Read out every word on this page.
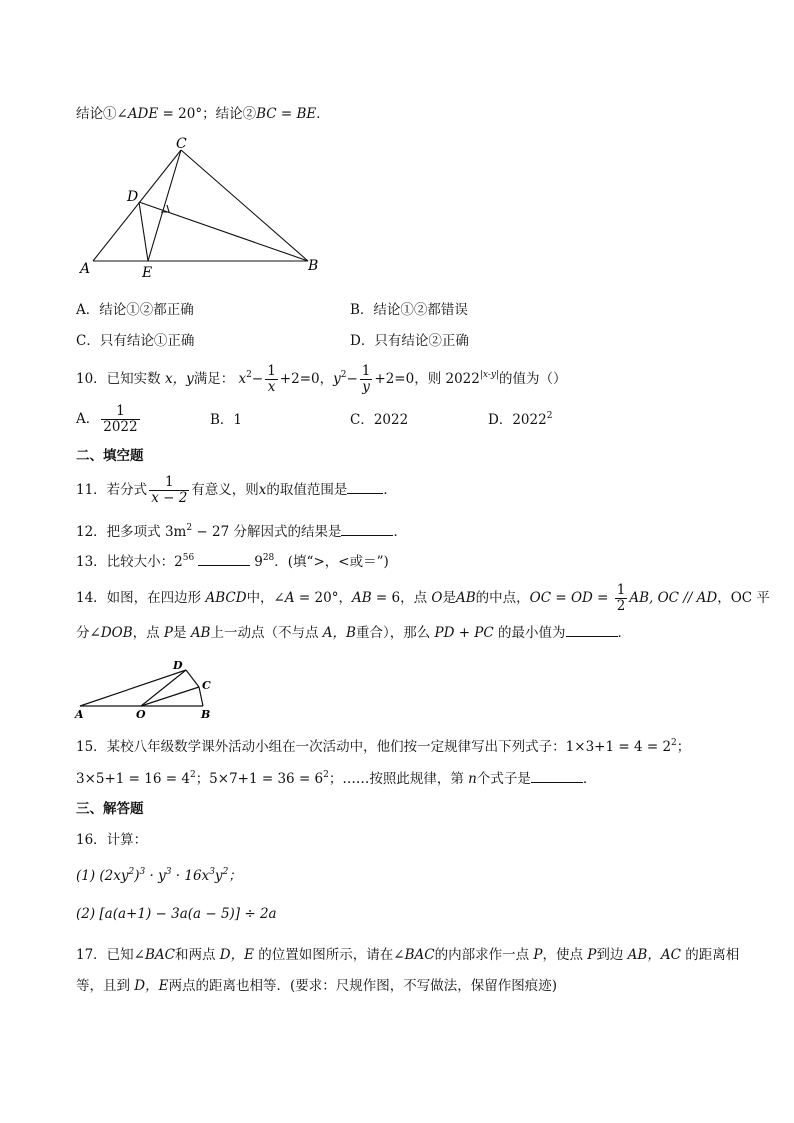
结论①∠ADE = 20°；结论②BC = BE．
A	B
C
D
E
A．结论①②都正确	B．结论①②都错误
C．只有结论①正确	D．只有结论②正确
10．已知实数 x，y满足： $x^2- \frac{1}{x} +2=0$，$y^2- \frac{1}{y} +2=0$，则 $2022^{|x-y|}$的值为（）
A． $\frac{1}{2022}$	B．1	C．2022	D．2022$^2$
二、填空题
11．若分式 $\frac{1}{x - 2}$ 有意义，则x的取值范围是	．
12．把多项式 $3m^2 - 27$ 分解因式的结果是	．
13．比较大小：$2^{56}$	$9^{28}$．(填“>，<或＝”)
14．如图，在四边形 ABCD中，∠A = 20°，AB = 6，点 O是AB的中点，OC = OD = $\frac{1}{2}$ AB, OC // AD，OC 平
分∠DOB，点 P是 AB上一动点（不与点 A，B重合），那么 PD + PC 的最小值为	．
A	O	B
C
D
15．某校八年级数学课外活动小组在一次活动中，他们按一定规律写出下列式子：$1\times 3+1 = 4 = 2^2$；
$3\times 5+1 = 16 = 4^2$；$5\times 7+1 = 36 = 6^2$；……按照此规律，第 n个式子是	．
三、解答题
16．计算：
(1) $(2xy^2)^3 \cdot y^3 \cdot 16x^3y^2$；
(2) [a(a+1) − 3a(a − 5)] ÷ 2a
17．已知∠BAC和两点 D，E 的位置如图所示，请在∠BAC的内部求作一点 P，使点 P到边 AB，AC 的距离相
等，且到 D，E两点的距离也相等．(要求：尺规作图，不写做法，保留作图痕迹)
